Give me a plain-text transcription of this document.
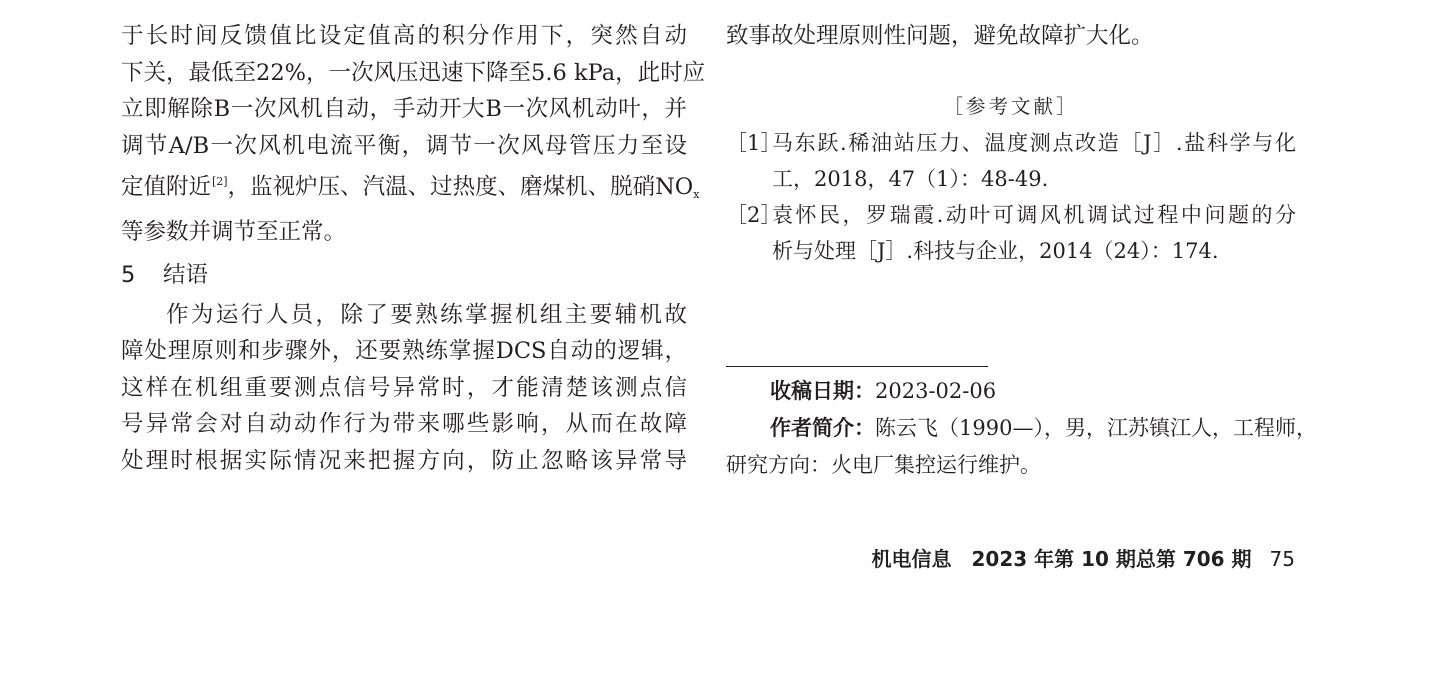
于长时间反馈值比设定值高的积分作用下，突然自动
下关，最低至22%，一次风压迅速下降至5.6 kPa，此时应
立即解除B一次风机自动，手动开大B一次风机动叶，并
调节A/B一次风机电流平衡，调节一次风母管压力至设
定值附近[2]，监视炉压、汽温、过热度、磨煤机、脱硝$NO_x$
等参数并调节至正常。
5	结语
作为运行人员，除了要熟练掌握机组主要辅机故
障处理原则和步骤外，还要熟练掌握DCS自动的逻辑，
这样在机组重要测点信号异常时，才能清楚该测点信
号异常会对自动动作行为带来哪些影响，从而在故障
处理时根据实际情况来把握方向，防止忽略该异常导
致事故处理原则性问题，避免故障扩大化。
［参考文献］
［1］
马东跃.稀油站压力、温度测点改造［J］.盐科学与化
工，2018，47（1）：48-49.
［2］
袁怀民，罗瑞霞.动叶可调风机调试过程中问题的分
析与处理［J］.科技与企业，2014（24）：174.
收稿日期：2023-02-06
作者简介：陈云飞（1990—），男，江苏镇江人，工程师，
研究方向：火电厂集控运行维护。
机电信息 2023 年第 10 期总第 706 期 75
